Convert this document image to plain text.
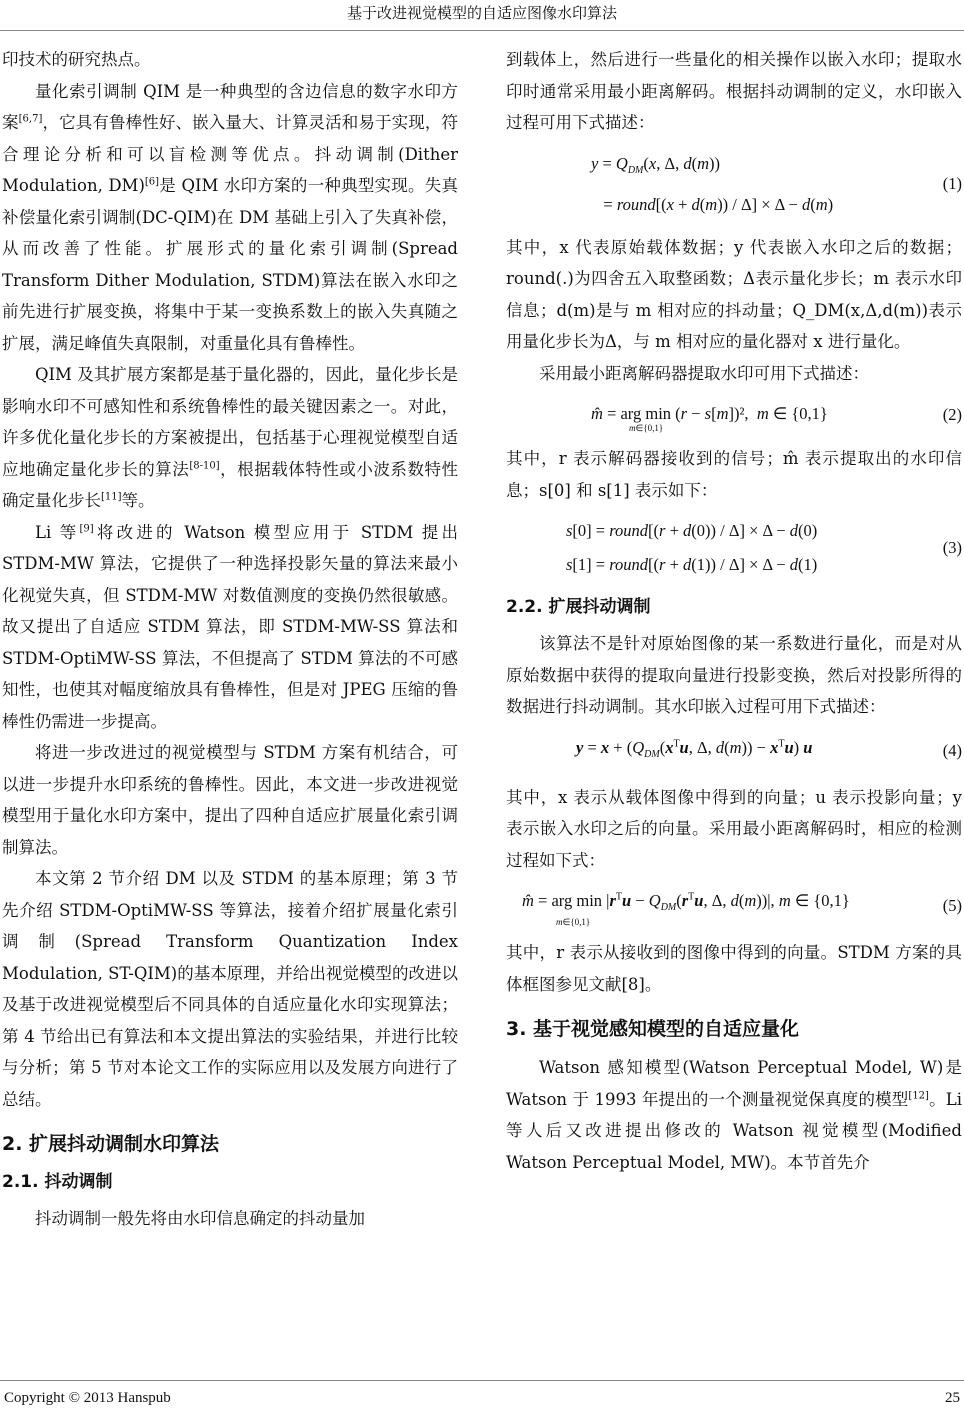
基于改进视觉模型的自适应图像水印算法

印技术的研究热点。

量化索引调制 QIM 是一种典型的含边信息的数字水印方案[6,7]，它具有鲁棒性好、嵌入量大、计算灵活和易于实现，符合理论分析和可以盲检测等优点。抖动调制(Dither Modulation, DM)[6]是 QIM 水印方案的一种典型实现。失真补偿量化索引调制(DC-QIM)在 DM 基础上引入了失真补偿，从而改善了性能。扩展形式的量化索引调制(Spread Transform Dither Modulation, STDM)算法在嵌入水印之前先进行扩展变换，将集中于某一变换系数上的嵌入失真随之扩展，满足峰值失真限制，对重量化具有鲁棒性。

QIM 及其扩展方案都是基于量化器的，因此，量化步长是影响水印不可感知性和系统鲁棒性的最关键因素之一。对此，许多优化量化步长的方案被提出，包括基于心理视觉模型自适应地确定量化步长的算法[8-10]，根据载体特性或小波系数特性确定量化步长[11]等。

Li 等[9]将改进的 Watson 模型应用于 STDM 提出 STDM-MW 算法，它提供了一种选择投影矢量的算法来最小化视觉失真，但 STDM-MW 对数值测度的变换仍然很敏感。故又提出了自适应 STDM 算法，即 STDM-MW-SS 算法和 STDM-OptiMW-SS 算法，不但提高了 STDM 算法的不可感知性，也使其对幅度缩放具有鲁棒性，但是对 JPEG 压缩的鲁棒性仍需进一步提高。

将进一步改进过的视觉模型与 STDM 方案有机结合，可以进一步提升水印系统的鲁棒性。因此，本文进一步改进视觉模型用于量化水印方案中，提出了四种自适应扩展量化索引调制算法。

本文第 2 节介绍 DM 以及 STDM 的基本原理；第 3 节先介绍 STDM-OptiMW-SS 等算法，接着介绍扩展量化索引调制(Spread Transform Quantization Index Modulation, ST-QIM)的基本原理，并给出视觉模型的改进以及基于改进视觉模型后不同具体的自适应量化水印实现算法；第 4 节给出已有算法和本文提出算法的实验结果，并进行比较与分析；第 5 节对本论文工作的实际应用以及发展方向进行了总结。

2. 扩展抖动调制水印算法
2.1. 抖动调制

抖动调制一般先将由水印信息确定的抖动量加

到载体上，然后进行一些量化的相关操作以嵌入水印；提取水印时通常采用最小距离解码。根据抖动调制的定义，水印嵌入过程可用下式描述：

$y = Q_{DM}(x$, Δ, d(m))
= round[(x + d(m)) / Δ] × Δ − d(m)
(1)

其中，x 代表原始载体数据；y 代表嵌入水印之后的数据；round(.)为四舍五入取整函数；Δ表示量化步长；m 表示水印信息；d(m)是与 m 相对应的抖动量；Q_DM(x,Δ,d(m))表示用量化步长为Δ，与 m 相对应的量化器对 x 进行量化。

采用最小距离解码器提取水印可用下式描述：

m̂ = arg min (r − s[m])²,  m ∈ {0,1}
m∈{0,1}
(2)

其中，r 表示解码器接收到的信号；m̂ 表示提取出的水印信息；s[0] 和 s[1] 表示如下：

s[0] = round[(r + d(0)) / Δ] × Δ − d(0)
s[1] = round[(r + d(1)) / Δ] × Δ − d(1)
(3)
2.2. 扩展抖动调制

该算法不是针对原始图像的某一系数进行量化，而是对从原始数据中获得的提取向量进行投影变换，然后对投影所得的数据进行抖动调制。其水印嵌入过程可用下式描述：

$y = x + (Q_{DM}(x^Tu$, Δ, $d(m)) - x^Tu$) u	(4)

其中，x 表示从载体图像中得到的向量；u 表示投影向量；y 表示嵌入水印之后的向量。采用最小距离解码时，相应的检测过程如下式：

m̂ = arg $\min |r^Tu - Q_{DM}(r^Tu$, Δ, d(m))|, m ∈ {0,1}
m∈{0,1}
(5)

其中，r 表示从接收到的图像中得到的向量。STDM 方案的具体框图参见文献[8]。

3. 基于视觉感知模型的自适应量化

Watson 感知模型(Watson Perceptual Model, W)是 Watson 于 1993 年提出的一个测量视觉保真度的模型[12]。Li 等人后又改进提出修改的 Watson 视觉模型(Modified Watson Perceptual Model, MW)。本节首先介

Copyright © 2013 Hanspub	25
